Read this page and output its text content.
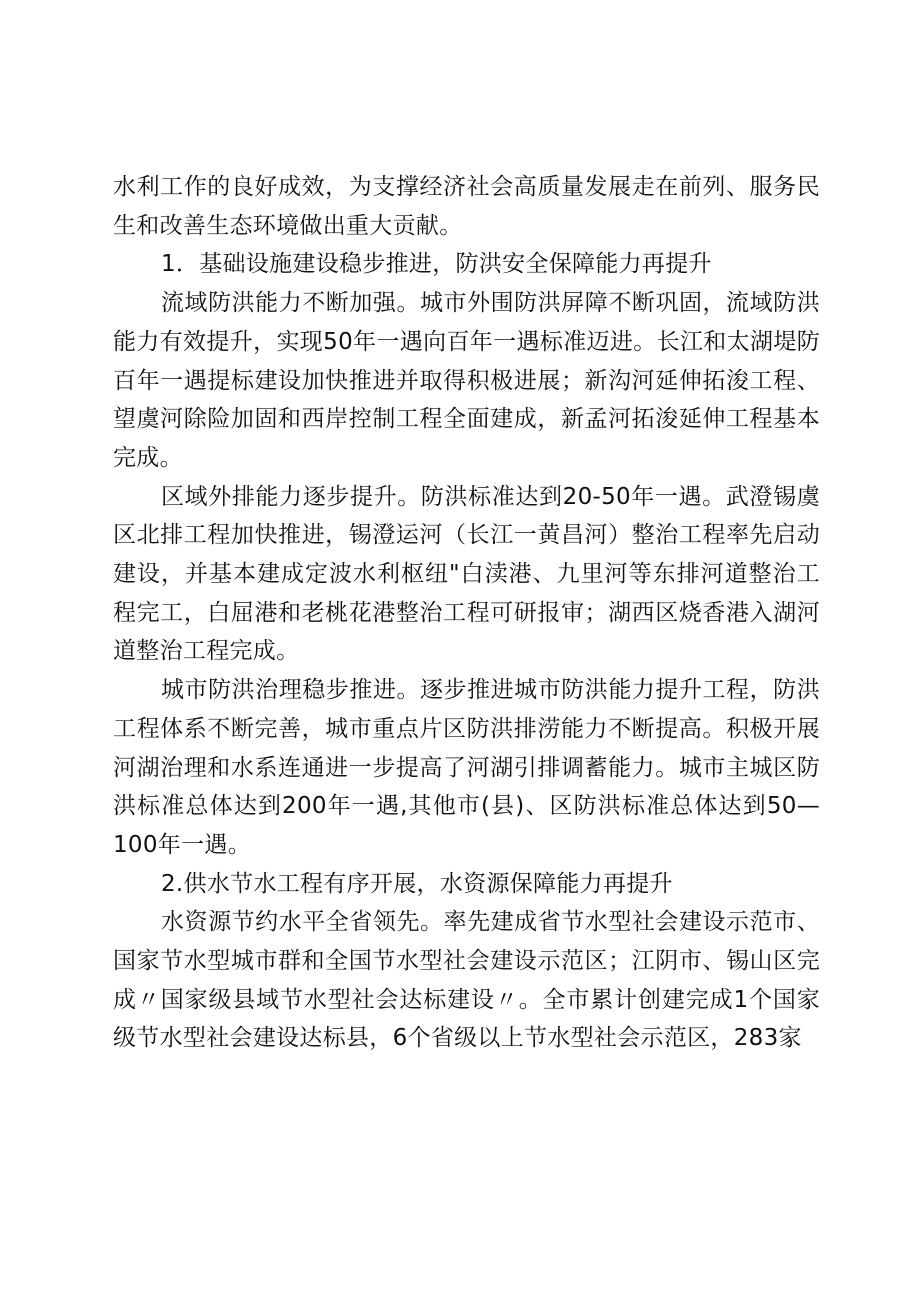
水利工作的良好成效，为支撑经济社会高质量发展走在前列、服务民生和改善生态环境做出重大贡献。

1．基础设施建设稳步推进，防洪安全保障能力再提升

流域防洪能力不断加强。城市外围防洪屏障不断巩固，流域防洪能力有效提升，实现50年一遇向百年一遇标准迈进。长江和太湖堤防百年一遇提标建设加快推进并取得积极进展；新沟河延伸拓浚工程、望虞河除险加固和西岸控制工程全面建成，新孟河拓浚延伸工程基本完成。

区域外排能力逐步提升。防洪标准达到20-50年一遇。武澄锡虞区北排工程加快推进，锡澄运河（长江一黄昌河）整治工程率先启动建设，并基本建成定波水利枢纽"白渎港、九里河等东排河道整治工程完工，白屈港和老桃花港整治工程可研报审；湖西区烧香港入湖河道整治工程完成。

城市防洪治理稳步推进。逐步推进城市防洪能力提升工程，防洪工程体系不断完善，城市重点片区防洪排涝能力不断提高。积极开展河湖治理和水系连通进一步提高了河湖引排调蓄能力。城市主城区防洪标准总体达到200年一遇,其他市(县)、区防洪标准总体达到50—100年一遇。

2.供水节水工程有序开展，水资源保障能力再提升

水资源节约水平全省领先。率先建成省节水型社会建设示范市、国家节水型城市群和全国节水型社会建设示范区；江阴市、锡山区完成〃国家级县域节水型社会达标建设〃。全市累计创建完成1个国家级节水型社会建设达标县，6个省级以上节水型社会示范区，283家
